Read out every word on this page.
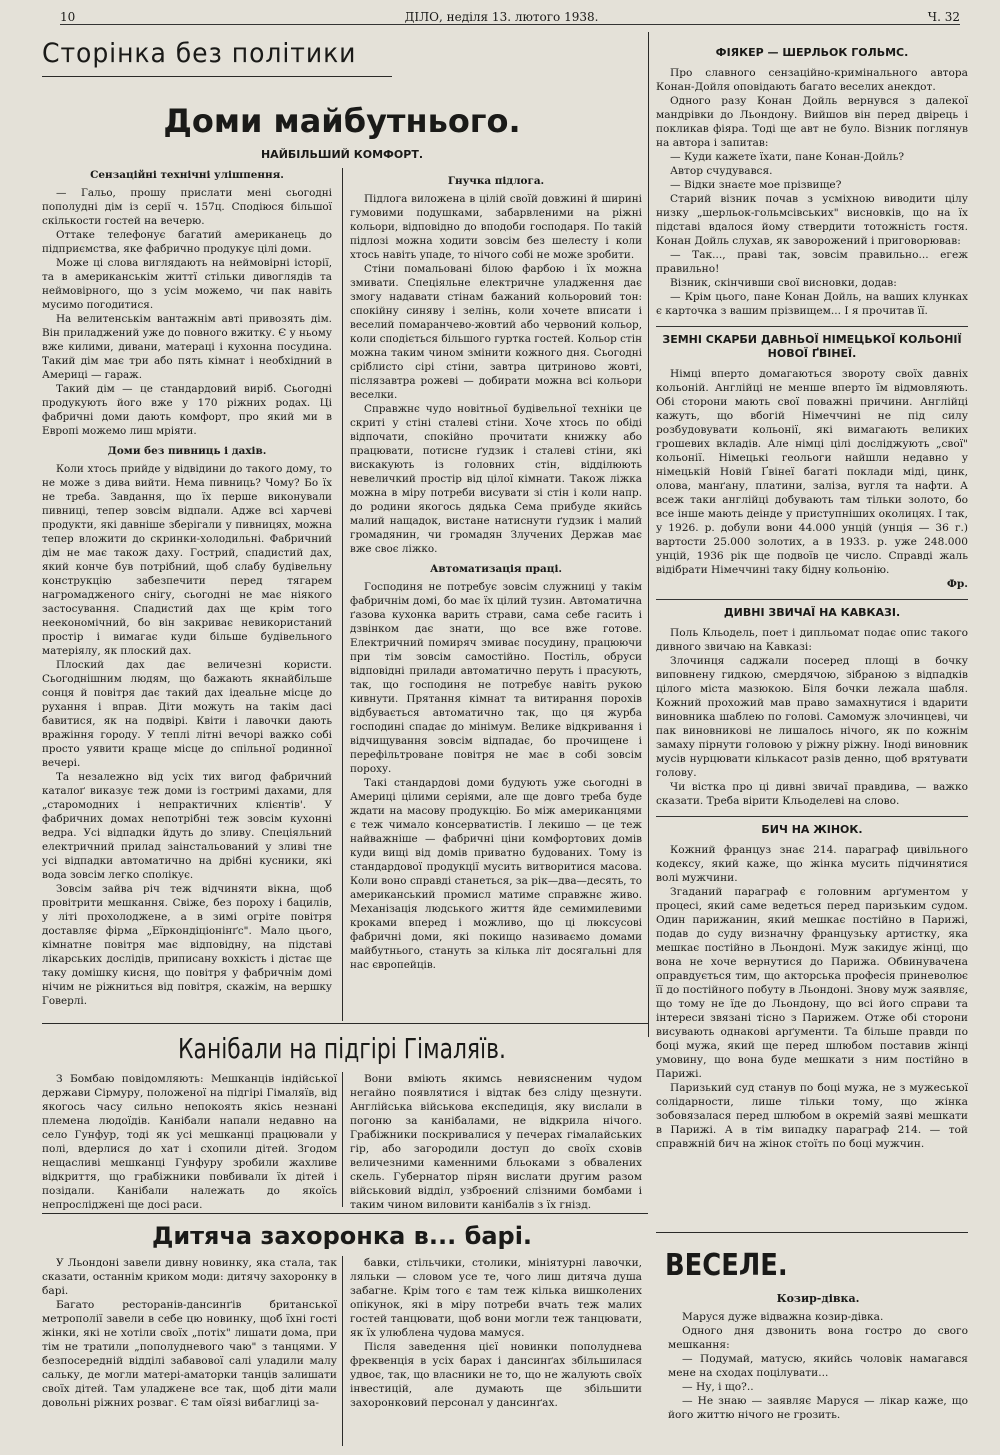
10	ДІЛО, неділя 13. лютого 1938.	Ч. 32
Сторінка без політики
Доми майбутнього.
НАЙБІЛЬШИЙ КОМФОРТ.
Сензаційні технічні улішпення.

— Гальо, прошу прислати мені сьогодні пополудні дім із серії ч. 157ц. Сподіюся більшої скількости гостей на вечерю.

Оттаке телефонує багатий американець до підприємства, яке фабрично продукує цілі доми.

Може ці слова виглядають на неймовірні історії, та в американськім життї стільки дивоглядів та неймовірного, що з усім можемо, чи пак навіть мусимо погодитися.

На велитенськім вантажнім авті привозять дім. Він приладжений уже до повного вжитку. Є у ньому вже килими, дивани, матераці і кухонна посудина. Такий дім має три або пять кімнат і необхідний в Америці — гараж.

Такий дім — це стандардовий виріб. Сьогодні продукують його вже у 170 ріжних родах. Ці фабричні доми дають комфорт, про який ми в Европі можемо лиш мріяти.

Доми без пивниць і дахів.

Коли хтось прийде у відвідини до такого дому, то не може з дива вийти. Нема пивниць? Чому? Бо їх не треба. Завдання, що їх перше виконували пивниці, тепер зовсім відпали. Адже всі харчеві продукти, які давніше зберігали у пивницях, можна тепер вложити до скринки-холодильні. Фабричний дім не має також даху. Гострий, спадистий дах, який конче був потрібний, щоб слабу будівельну конструкцію забезпечити перед тягарем нагромадженого снігу, сьогодні не має ніякого застосування. Спадистий дах ще крім того неекономічний, бо він закриває невикористаний простір і вимагає куди більше будівельного матеріялу, як плоский дах.

Плоский дах дає величезні користи. Сьогоднішним людям, що бажають якнайбільше сонця й повітря дає такий дах ідеальне місце до рухання і вправ. Діти можуть на такім дасі бавитися, як на подвірі. Квіти і лавочки дають вражіння городу. У теплі літні вечорі важко собі просто уявити краще місце до спільної родинної вечері.

Та незалежно від усіх тих вигод фабричний каталоґ виказує теж доми із гостримі дахами, для „старомодних і непрактичних клієнтів'. У фабричних домах непотрібні теж зовсім кухонні ведра. Усі відпадки йдуть до зливу. Спеціяльний електричний прилад заінстальований у зливі тне усі відпадки автоматично на дрібні кусники, які вода зовсім легко сполікує.

Зовсім зайва річ теж відчиняти вікна, щоб провітрити мешкання. Свіже, без пороху і бацилів, у літі прохолоджене, а в зимі огріте повітря доставляє фірма „Еїркондіціонінґс". Мало цього, кімнатне повітря має відповідну, на підставі лікарських дослідів, приписану вохкість і дістає ще таку домішку кисня, що повітря у фабричнім домі нічим не ріжниться від повітря, скажім, на вершку Говерлі.

Гнучка підлога.

Підлога виложена в цілій своїй довжині й ширині гумовими подушками, забарвленими на ріжні кольори, відповідно до вподоби господаря. По такій підлозі можна ходити зовсім без шелесту і коли хтось навіть упаде, то нічого собі не може зробити.

Стіни помальовані білою фарбою і їх можна змивати. Спеціяльне електричне уладження дає змогу надавати стінам бажаний кольоровий тон: спокійну синяву і зелінь, коли хочете вписати і веселий помаранчево-жовтий або червоний кольор, коли сподіється більшого гуртка гостей. Кольор стін можна таким чином змінити кожного дня. Сьогодні сріблисто сірі стіни, завтра цитриново жовті, післязавтра рожеві — добирати можна всі кольори веселки.

Справжнє чудо новітньої будівельної техніки це скриті у стіні сталеві стіни. Хоче хтось по обіді відпочати, спокійно прочитати книжку або працювати, потисне ґудзик і сталеві стіни, які вискакують із головних стін, відділюють невеличкий простір від цілої кімнати. Також ліжка можна в міру потреби висувати зі стін і коли напр. до родини якогось дядька Сема прибуде якийсь малий нащадок, вистане натиснути ґудзик і малий громадянин, чи громадян Злучених Держав має вже своє ліжко.

Автоматизація праці.

Господиня не потребує зовсім служниці у такім фабричнім домі, бо має їх цілий тузин. Автоматична ґазова кухонка варить страви, сама себе гасить і дзвінком дає знати, що все вже готове. Електричний помиряч змиває посудину, працюючи при тім зовсім самостійно. Постіль, обруси відповідні прилади автоматично перуть і прасують, так, що господиня не потребує навіть рукою кивнути. Прятання кімнат та витирання порохів відбувається автоматично так, що ця журба господині спадає до мінімум. Велике відкривання і відчищування зовсім відпадає, бо прочищене і перефільтроване повітря не має в собі зовсім пороху.

Такі стандардові доми будують уже сьогодні в Америці цілими серіями, але ще довго треба буде ждати на масову продукцію. Бо між американцями є теж чимало консерватистів. І лекишо — це теж найважніше — фабричні ціни комфортових домів куди вищі від домів приватно будованих. Тому із стандардової продукції мусить витворитися масова. Коли воно справді станеться, за рік—два—десять, то американський промисл матиме справжнє живо. Механізація людського життя йде семимилевими кроками вперед і можливо, що ці люксусові фабричні доми, які покищо називаємо домами майбутнього, стануть за кілька літ досягальні для нас європейців.

ФІЯКЕР — ШЕРЛЬОК ГОЛЬМС.

Про славного сензаційно-кримінального автора Конан-Дойля оповідають багато веселих анекдот.

Одного разу Конан Дойль вернувся з далекої мандрівки до Льондону. Вийшов він перед двірець і покликав фіяра. Тоді ще авт не було. Візник поглянув на автора і запитав:

— Куди кажете їхати, пане Конан-Дойль?

Автор счудувався.

— Відки знаєте мое прізвище?

Старий візник почав з усміхною виводити цілу низку „шерльок-гольмсівських" висновків, що на їх підставі вдалося йому ствердити тотожність гостя. Конан Дойль слухав, як заворожений і приговорював:

— Так..., праві так, зовсім правильно... егеж правильно!

Візник, скінчивши свої висновки, додав:

— Крім цього, пане Конан Дойль, на ваших клунках є карточка з вашим прізвищем... І я прочитав її.

ЗЕМНІ СКАРБИ ДАВНЬОЇ НІМЕЦЬКОЇ КОЛЬОНІЇ НОВОЇ ҐВІНЕЇ.

Німці вперто домагаються звороту своїх давніх кольоній. Англійці не менше вперто їм відмовляють. Обі сторони мають свої поважні причини. Англійці кажуть, що вбогій Німеччині не під силу розбудовувати кольонії, які вимагають великих грошевих вкладів. Але німці цілі досліджують „свої" кольонії. Німецькі геольоги найшли недавно у німецькій Новій Ґвінеї багаті поклади міді, цинк, олова, манґану, платини, заліза, вугля та нафти. А всеж таки англійці добувають там тільки золото, бо все інше мають деінде у приступніших околицях. І так, у 1926. р. добули вони 44.000 унцій (унція — 36 г.) вартости 25.000 золотих, а в 1933. р. уже 248.000 унцій, 1936 рік ще подвоїв це число. Справді жаль відібрати Німеччині таку бідну кольонію.

Фр.
ДИВНІ ЗВИЧАЇ НА КАВКАЗІ.

Поль Кльодель, поет і дипльомат подає опис такого дивного звичаю на Кавказі:

Злочинця саджали посеред площі в бочку виповнену гидкою, смердячою, зібраною з відпадків цілого міста мазюкою. Біля бочки лежала шабля. Кожний прохожий мав право замахнутися і вдарити виновника шаблею по голові. Самомуж злочинцеві, чи пак виновникові не лишалось нічого, як по кожнім замаху пірнути головою у ріжну ріжну. Іноді виновник мусів нурцювати кількасот разів денно, щоб врятувати голову.

Чи вістка про ці дивні звичаї правдива, — важко сказати. Треба вірити Кльоделеві на слово.

БИЧ НА ЖІНОК.

Кожний француз знає 214. параграф цивільного кодексу, який каже, що жінка мусить підчинятися волі мужчини.

Згаданий параграф є головним арґументом у процесі, який саме ведеться перед паризьким судом. Один парижанин, який мешкає постійно в Парижі, подав до суду визначну французьку артистку, яка мешкає постійно в Льондоні. Муж закидує жінці, що вона не хоче вернутися до Парижа. Обвинувачена оправдується тим, що акторська професія приневолює її до постійного побуту в Льондоні. Знову муж заявляє, що тому не їде до Льондону, що всі його справи та інтереси звязані тісно з Парижем. Отже обі сторони висувають однакові арґументи. Та більше правди по боці мужа, який ще перед шлюбом поставив жінці умовину, що вона буде мешкати з ним постійно в Парижі.

Паризький суд станув по боці мужа, не з мужеської солідарности, лише тільки тому, що жінка зобовязалася перед шлюбом в окремій заяві мешкати в Парижі. А в тім випадку параграф 214. — той справжній бич на жінок стоїть по боці мужчин.

ВЕСЕЛЕ.
Козир-дівка.

Маруся дуже відважна козир-дівка.

Одного дня дзвонить вона гостро до свого мешкання:

— Подумай, матусю, якийсь чоловік намагався мене на сходах поцілувати...

— Ну, і що?..

— Не знаю — заявляє Маруся — лікар каже, що його життю нічого не грозить.

Канібали на підгірі Гімаляїв.

З Бомбаю повідомляють: Мешканців індійської держави Сірмуру, положеної на підгірі Гімаляїв, від якогось часу сильно непокоять якісь незнані племена людоїдів. Канібали напали недавно на село Гунфур, тоді як усі мешканці працювали у полі, вдерлися до хат і схопили дітей. Згодом нещасливі мешканці Гунфуру зробили жахливе відкриття, що грабіжники повбивали їх дітей і позідали. Канібали належать до якоїсь непроcліджені ще досі раси.

Вони вміють якимсь невиясненим чудом негайно появлятися і відтак без сліду щезнути. Англійська військова експедиція, яку вислали в погоню за канібалами, не відкрила нічого. Грабіжники поскривалися у печерах гімалайських гір, або загородили доступ до своїх сховів величезними каменними бльоками з обвалених скель. Губернатор пірян вислати другим разом військовий відділ, узброєний слізними бомбами і таким чином виловити канібалів з їх гнізд.

Дитяча захоронка в... барі.

У Льондоні завели дивну новинку, яка стала, так сказати, останнім криком моди: дитячу захоронку в барі.

Багато ресторанів-дансинґів британської метрополії завели в себе цю новинку, щоб їхні гості жінки, які не хотіли своїх „потіх" лишати дома, при тім не тратили „пополудневого чаю" з танцями. У безпосередній відділі забавової салі уладили малу сальку, де могли матері-аматорки танців залишати своїх дітей. Там уладжене все так, щоб діти мали довольні ріжних розваг. Є там оїязі вибаглиці за-

бавки, стільчики, столики, мініятурні лавочки, ляльки — словом усе те, чого лиш дитяча душа забагне. Крім того є там теж кілька вишколених опікунок, які в міру потреби вчать теж малих гостей танцювати, щоб вони могли теж танцювати, як їх улюблена чудова мамуся.

Після заведення цієї новинки пополуднева фреквенція в усіх барах і дансинґах збільшилася удвоє, так, що власники не то, що не жалують своїх інвестицій, але думають ще збільшити захоронковий персонал у дансинґах.
